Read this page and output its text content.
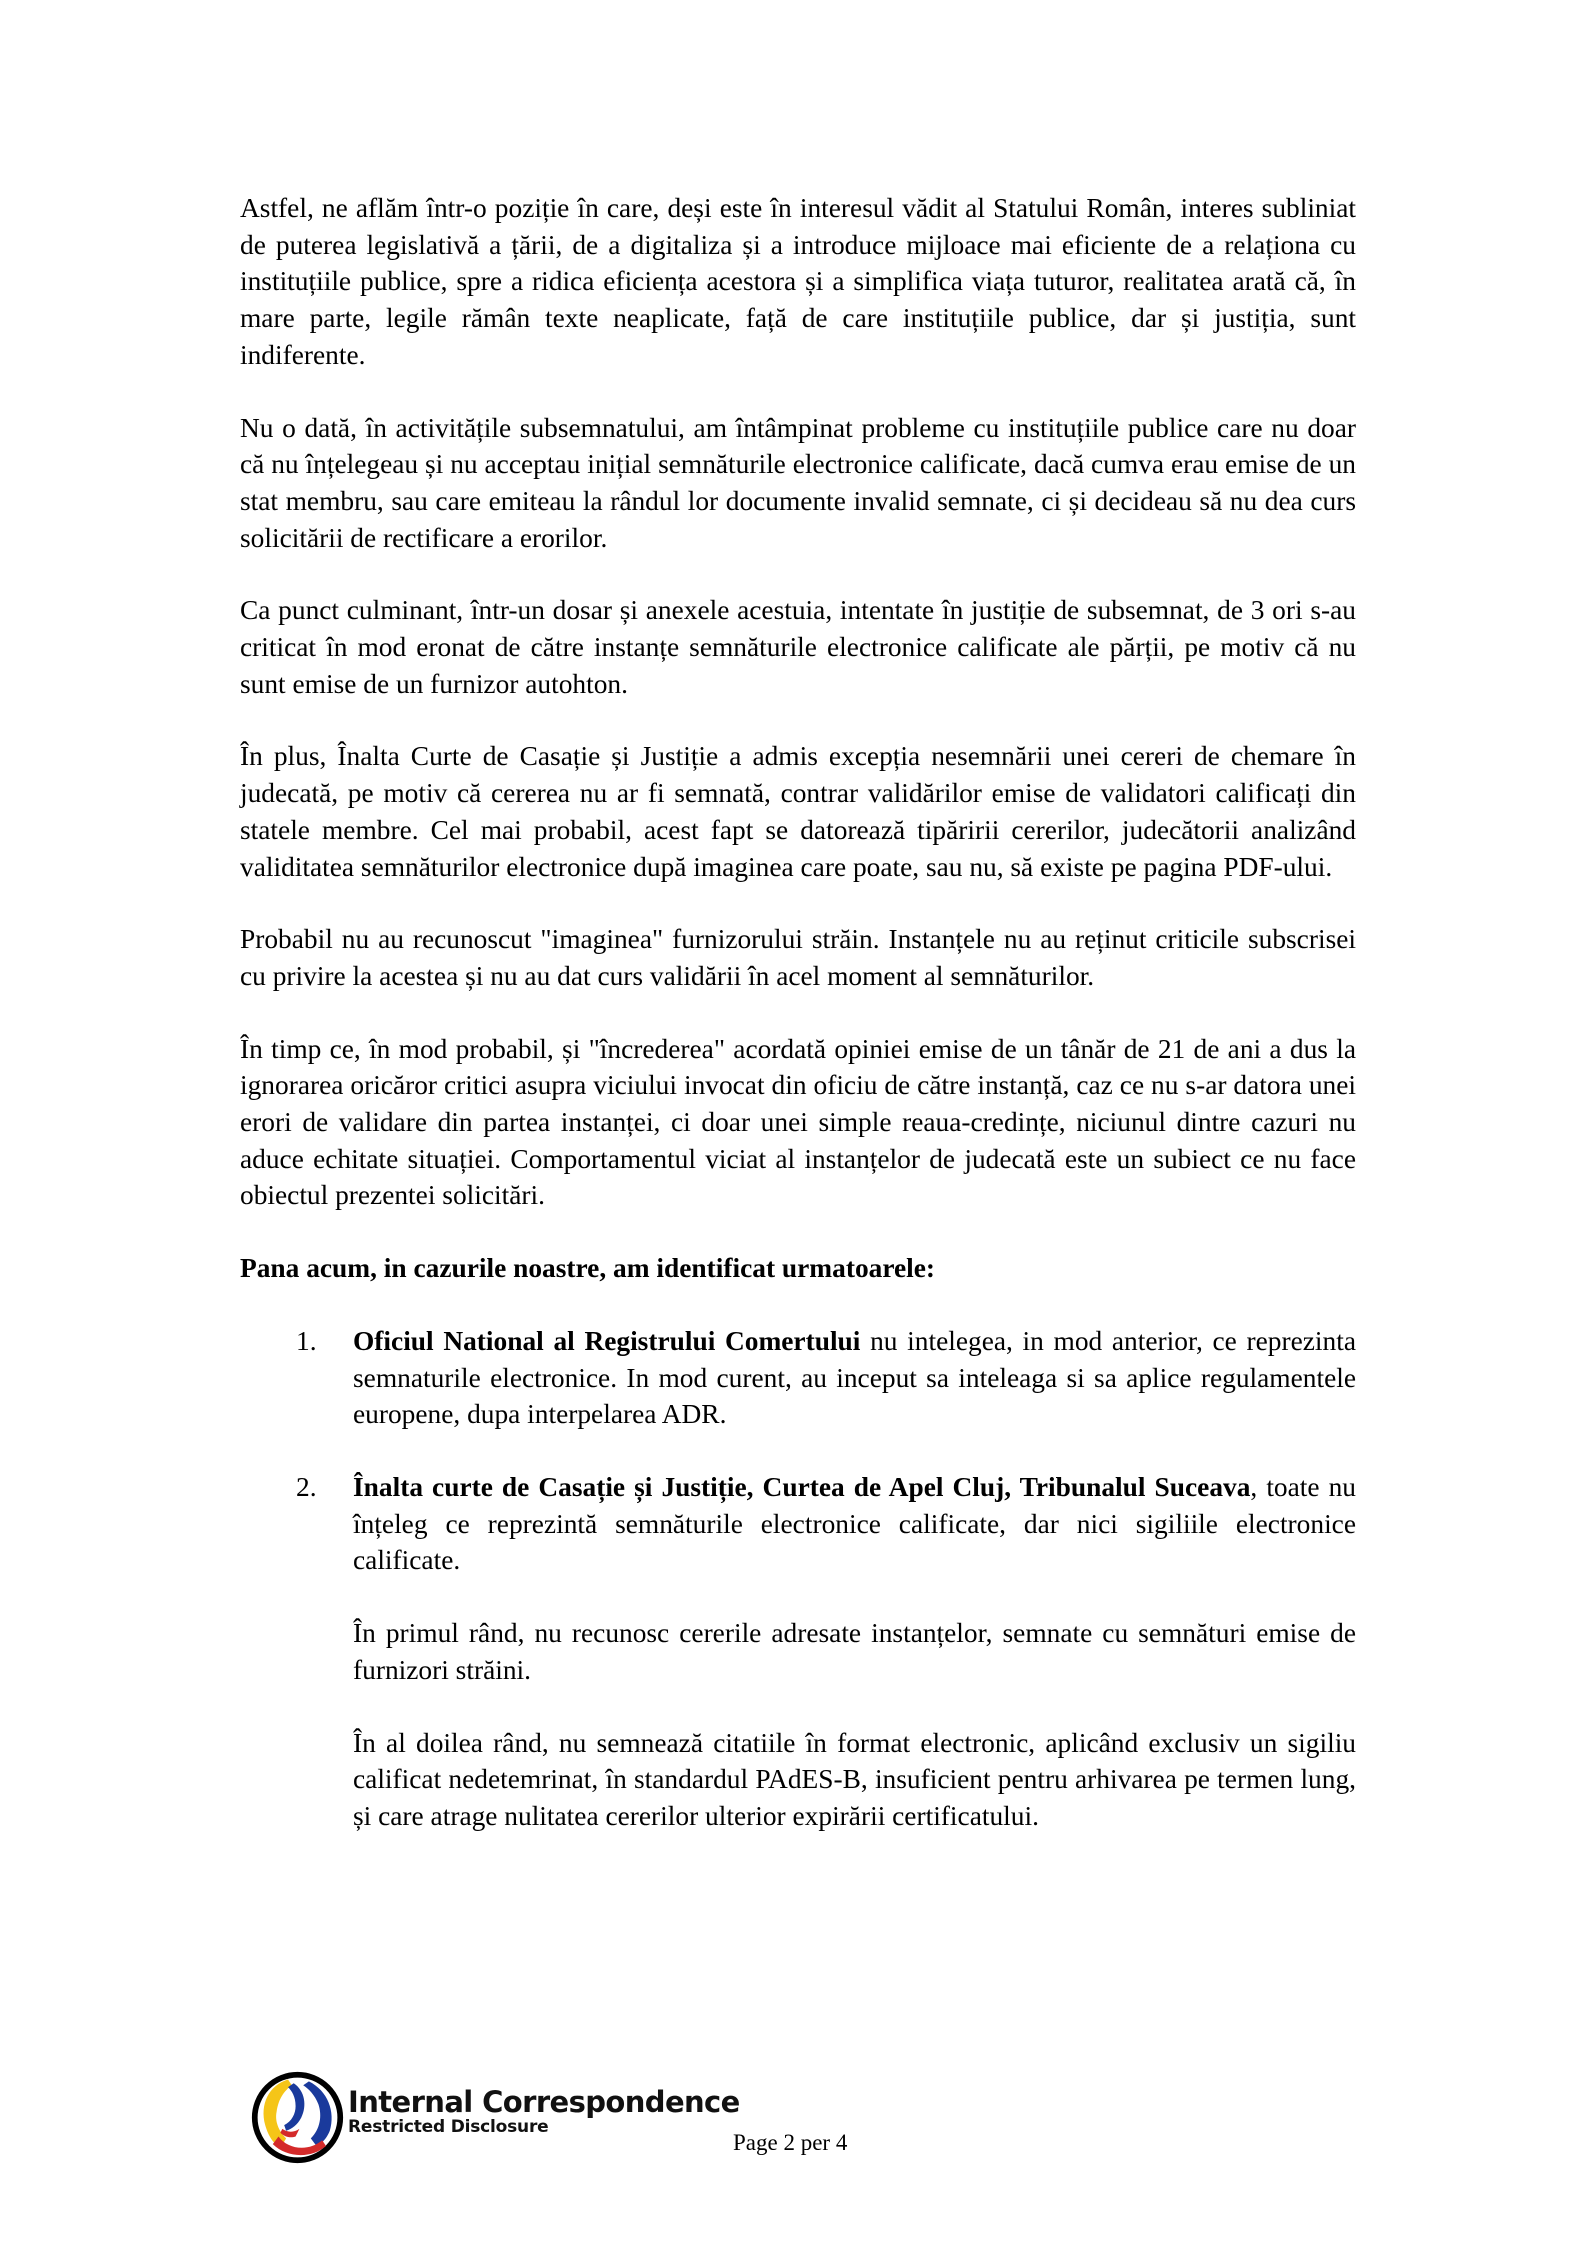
Astfel, ne aflăm într-o poziție în care, deși este în interesul vădit al Statului Român, interes subliniat de puterea legislativă a țării, de a digitaliza și a introduce mijloace mai eficiente de a relaționa cu instituțiile publice, spre a ridica eficiența acestora și a simplifica viața tuturor, realitatea arată că, în mare parte, legile rămân texte neaplicate, față de care instituțiile publice, dar și justiția, sunt indiferente.

Nu o dată, în activitățile subsemnatului, am întâmpinat probleme cu instituțiile publice care nu doar că nu înțelegeau și nu acceptau inițial semnăturile electronice calificate, dacă cumva erau emise de un stat membru, sau care emiteau la rândul lor documente invalid semnate, ci și decideau să nu dea curs solicitării de rectificare a erorilor.

Ca punct culminant, într-un dosar și anexele acestuia, intentate în justiție de subsemnat, de 3 ori s-au criticat în mod eronat de către instanțe semnăturile electronice calificate ale părții, pe motiv că nu sunt emise de un furnizor autohton.

În plus, Înalta Curte de Casație și Justiție a admis excepția nesemnării unei cereri de chemare în judecată, pe motiv că cererea nu ar fi semnată, contrar validărilor emise de validatori calificați din statele membre. Cel mai probabil, acest fapt se datorează tipăririi cererilor, judecătorii analizând validitatea semnăturilor electronice după imaginea care poate, sau nu, să existe pe pagina PDF-ului.

Probabil nu au recunoscut "imaginea" furnizorului străin. Instanțele nu au reținut criticile subscrisei cu privire la acestea și nu au dat curs validării în acel moment al semnăturilor.

În timp ce, în mod probabil, și "încrederea" acordată opiniei emise de un tânăr de 21 de ani a dus la ignorarea oricăror critici asupra viciului invocat din oficiu de către instanță, caz ce nu s-ar datora unei erori de validare din partea instanței, ci doar unei simple reaua-credințe, niciunul dintre cazuri nu aduce echitate situației. Comportamentul viciat al instanțelor de judecată este un subiect ce nu face obiectul prezentei solicitări.

Pana acum, in cazurile noastre, am identificat urmatoarele:
1. Oficiul National al Registrului Comertului nu intelegea, in mod anterior, ce reprezinta semnaturile electronice. In mod curent, au inceput sa inteleaga si sa aplice regulamentele europene, dupa interpelarea ADR.

2. Înalta curte de Casație și Justiție, Curtea de Apel Cluj, Tribunalul Suceava, toate nu înțeleg ce reprezintă semnăturile electronice calificate, dar nici sigiliile electronice calificate.

În primul rând, nu recunosc cererile adresate instanțelor, semnate cu semnături emise de furnizori străini.

În al doilea rând, nu semnează citatiile în format electronic, aplicând exclusiv un sigiliu calificat nedetemrinat, în standardul PAdES-B, insuficient pentru arhivarea pe termen lung, și care atrage nulitatea cererilor ulterior expirării certificatului.

Internal Correspondence
Restricted Disclosure
Page 2 per 4
